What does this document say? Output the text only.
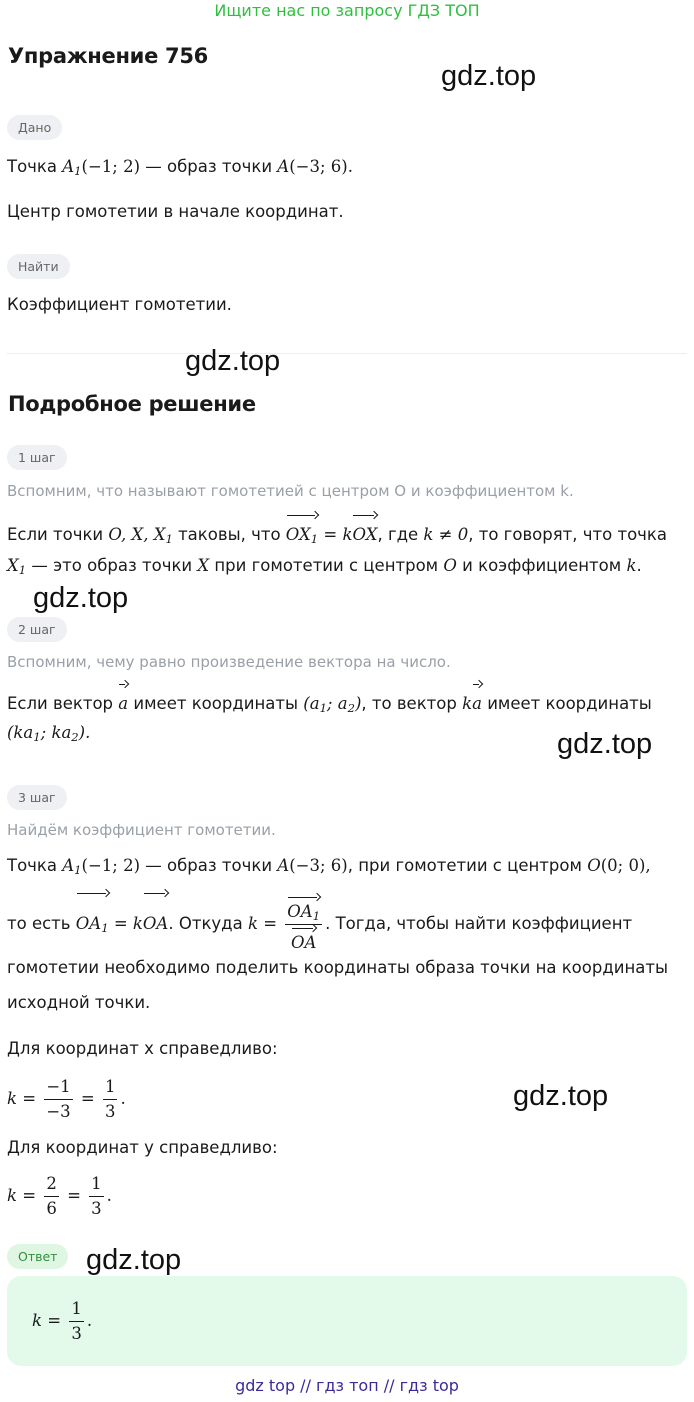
Ищите нас по запросу ГДЗ ТОП
Упражнение 756
gdz.top
Дано
Точка $A_1(-1$; 2) — образ точки A(−3; 6).
Центр гомотетии в начале координат.
Найти
Коэффициент гомотетии.
gdz.top
Подробное решение
1 шаг
Вспомним, что называют гомотетией с центром O и коэффициентом k.
Если точки O, X, $X_1$ таковы, что $OX_1$ = kOX, где k ≠ 0, то говорят, что точка
$X_1$ — это образ точки X при гомотетии с центром O и коэффициентом k.
gdz.top
2 шаг
Вспомним, чему равно произведение вектора на число.
Если вектор a имеет координаты ($a_1$; $a_2$), то вектор ka имеет координаты
($ka_1$; $ka_2$).	gdz.top
3 шаг
Найдём коэффициент гомотетии.
Точка $A_1(-1$; 2) — образ точки A(−3; 6), при гомотетии с центром O(0; 0),
то есть $OA_1$ = kOA. Откуда $k = \frac{OA_1}{OA}$ . Тогда, чтобы найти коэффициент
гомотетии необходимо поделить координаты образа точки на координаты
исходной точки.
Для координат x справедливо:
$k = \frac{-1}{-3} = \frac{1}{3}$ .	gdz.top
Для координат y справедливо:
$k = \frac{2}{6} = \frac{1}{3}$ .
Ответ gdz.top
$k = \frac{1}{3}$ .
gdz top // гдз топ // гдз top
